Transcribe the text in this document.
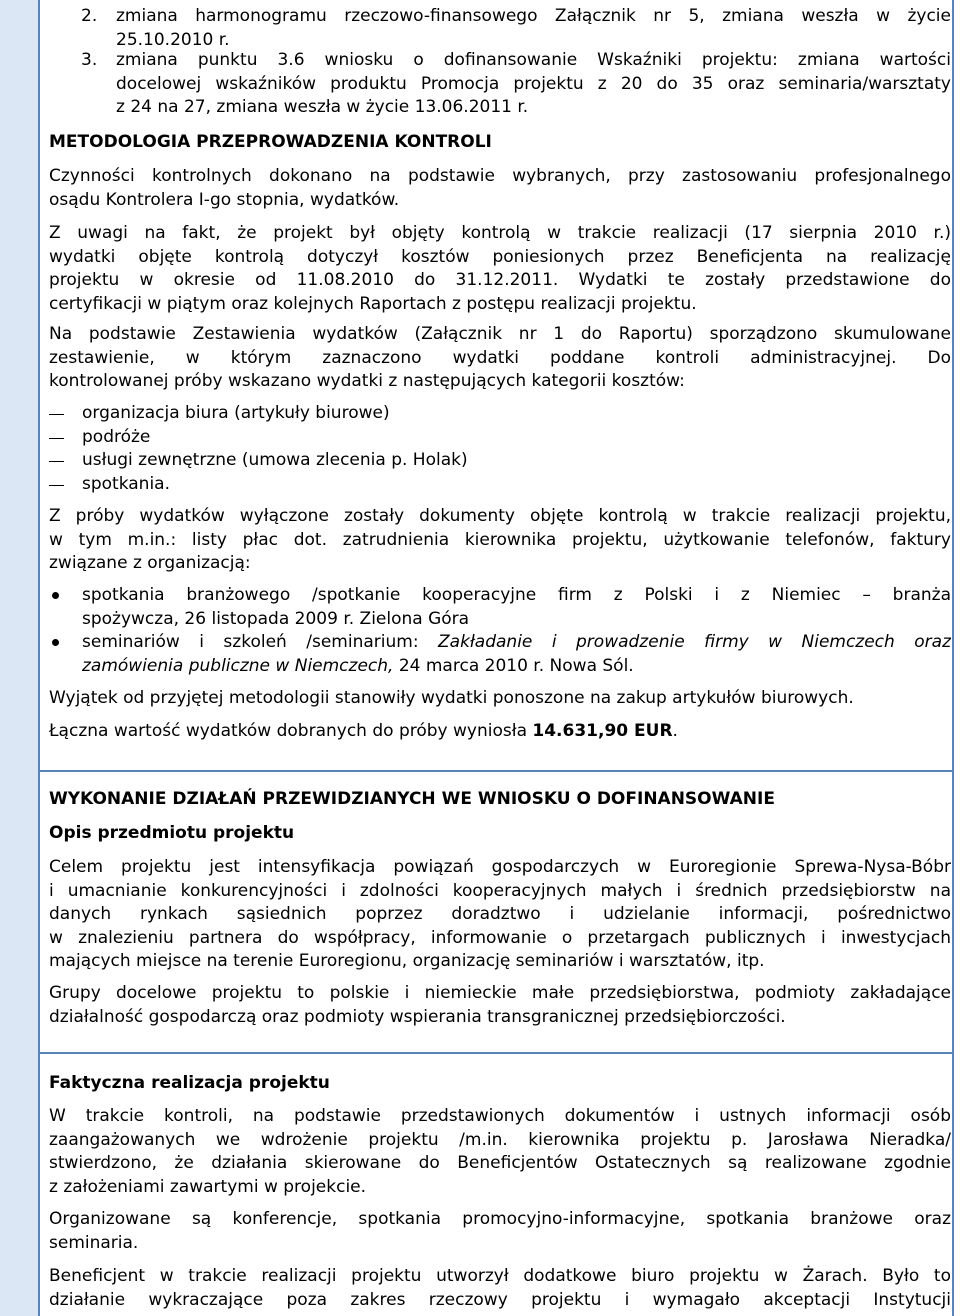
2. zmiana harmonogramu rzeczowo-finansowego Załącznik nr 5, zmiana weszła w życie

25.10.2010 r.

3. zmiana punktu 3.6 wniosku o dofinansowanie Wskaźniki projektu: zmiana wartości

docelowej wskaźników produktu Promocja projektu z 20 do 35 oraz seminaria/warsztaty

z 24 na 27, zmiana weszła w życie 13.06.2011 r.

METODOLOGIA PRZEPROWADZENIA KONTROLI

Czynności kontrolnych dokonano na podstawie wybranych, przy zastosowaniu profesjonalnego

osądu Kontrolera I-go stopnia, wydatków.

Z uwagi na fakt, że projekt był objęty kontrolą w trakcie realizacji (17 sierpnia 2010 r.)

wydatki objęte kontrolą dotyczył kosztów poniesionych przez Beneficjenta na realizację

projektu w okresie od 11.08.2010 do 31.12.2011. Wydatki te zostały przedstawione do

certyfikacji w piątym oraz kolejnych Raportach z postępu realizacji projektu.

Na podstawie Zestawienia wydatków (Załącznik nr 1 do Raportu) sporządzono skumulowane

zestawienie, w którym zaznaczono wydatki poddane kontroli administracyjnej. Do

kontrolowanej próby wskazano wydatki z następujących kategorii kosztów:

organizacja biura (artykuły biurowe)

podróże

usługi zewnętrzne (umowa zlecenia p. Holak)

spotkania.

Z próby wydatków wyłączone zostały dokumenty objęte kontrolą w trakcie realizacji projektu,

w tym m.in.: listy płac dot. zatrudnienia kierownika projektu, użytkowanie telefonów, faktury

związane z organizacją:

spotkania branżowego /spotkanie kooperacyjne firm z Polski i z Niemiec – branża

spożywcza, 26 listopada 2009 r. Zielona Góra

seminariów i szkoleń /seminarium: Zakładanie i prowadzenie firmy w Niemczech oraz

zamówienia publiczne w Niemczech, 24 marca 2010 r. Nowa Sól.

Wyjątek od przyjętej metodologii stanowiły wydatki ponoszone na zakup artykułów biurowych.

Łączna wartość wydatków dobranych do próby wyniosła 14.631,90 EUR.

WYKONANIE DZIAŁAŃ PRZEWIDZIANYCH WE WNIOSKU O DOFINANSOWANIE

Opis przedmiotu projektu

Celem projektu jest intensyfikacja powiązań gospodarczych w Euroregionie Sprewa-Nysa-Bóbr

i umacnianie konkurencyjności i zdolności kooperacyjnych małych i średnich przedsiębiorstw na

danych rynkach sąsiednich poprzez doradztwo i udzielanie informacji, pośrednictwo

w znalezieniu partnera do współpracy, informowanie o przetargach publicznych i inwestycjach

mających miejsce na terenie Euroregionu, organizację seminariów i warsztatów, itp.

Grupy docelowe projektu to polskie i niemieckie małe przedsiębiorstwa, podmioty zakładające

działalność gospodarczą oraz podmioty wspierania transgranicznej przedsiębiorczości.

Faktyczna realizacja projektu

W trakcie kontroli, na podstawie przedstawionych dokumentów i ustnych informacji osób

zaangażowanych we wdrożenie projektu /m.in. kierownika projektu p. Jarosława Nieradka/

stwierdzono, że działania skierowane do Beneficjentów Ostatecznych są realizowane zgodnie

z założeniami zawartymi w projekcie.

Organizowane są konferencje, spotkania promocyjno-informacyjne, spotkania branżowe oraz

seminaria.

Beneficjent w trakcie realizacji projektu utworzył dodatkowe biuro projektu w Żarach. Było to

działanie wykraczające poza zakres rzeczowy projektu i wymagało akceptacji Instytucji
